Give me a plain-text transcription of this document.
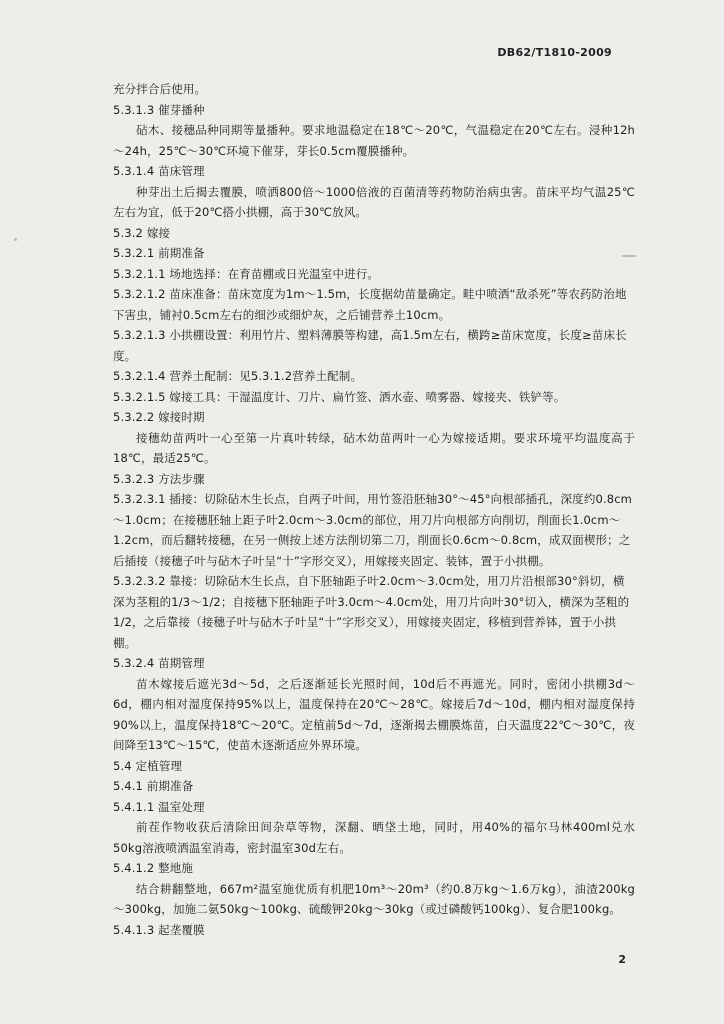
DB62/T1810-2009
充分拌合后使用。
5.3.1.3 催芽播种
砧木、接穗品种同期等量播种。要求地温稳定在18℃～20℃，气温稳定在20℃左右。浸种12h～24h，25℃～30℃环境下催芽，芽长0.5cm覆膜播种。
5.3.1.4 苗床管理
种芽出土后揭去覆膜，喷洒800倍～1000倍液的百菌清等药物防治病虫害。苗床平均气温25℃左右为宜，低于20℃搭小拱棚，高于30℃放风。
5.3.2 嫁接
5.3.2.1 前期准备
5.3.2.1.1 场地选择：在育苗棚或日光温室中进行。
5.3.2.1.2 苗床准备：苗床宽度为1m～1.5m，长度据幼苗量确定。畦中喷洒“敌杀死”等农药防治地下害虫，铺衬0.5cm左右的细沙或细炉灰，之后铺营养土10cm。
5.3.2.1.3 小拱棚设置：利用竹片、塑料薄膜等构建，高1.5m左右，横跨≥苗床宽度，长度≥苗床长度。
5.3.2.1.4 营养土配制：见5.3.1.2营养土配制。
5.3.2.1.5 嫁接工具：干湿温度计、刀片、扁竹签、洒水壶、喷雾器、嫁接夹、铁铲等。
5.3.2.2 嫁接时期
接穗幼苗两叶一心至第一片真叶转绿，砧木幼苗两叶一心为嫁接适期。要求环境平均温度高于18℃，最适25℃。
5.3.2.3 方法步骤
5.3.2.3.1 插接：切除砧木生长点，自两子叶间，用竹签沿胚轴30°～45°向根部插孔，深度约0.8cm～1.0cm；在接穗胚轴上距子叶2.0cm～3.0cm的部位，用刀片向根部方向削切，削面长1.0cm～1.2cm，而后翻转接穗，在另一侧按上述方法削切第二刀，削面长0.6cm～0.8cm，成双面楔形；之后插接（接穗子叶与砧木子叶呈“十”字形交叉），用嫁接夹固定、装钵，置于小拱棚。
5.3.2.3.2 靠接：切除砧木生长点，自下胚轴距子叶2.0cm～3.0cm处，用刀片沿根部30°斜切，横深为茎粗的1/3～1/2；自接穗下胚轴距子叶3.0cm～4.0cm处，用刀片向叶30°切入，横深为茎粗的1/2，之后靠接（接穗子叶与砧木子叶呈“十”字形交叉），用嫁接夹固定，移植到营养钵，置于小拱棚。
5.3.2.4 苗期管理
苗木嫁接后遮光3d～5d，之后逐渐延长光照时间，10d后不再遮光。同时，密闭小拱棚3d～6d，棚内相对湿度保持95%以上，温度保持在20℃～28℃。嫁接后7d～10d，棚内相对湿度保持90%以上，温度保持18℃～20℃。定植前5d～7d，逐渐揭去棚膜炼苗，白天温度22℃～30℃，夜间降至13℃～15℃，使苗木逐渐适应外界环境。
5.4 定植管理
5.4.1 前期准备
5.4.1.1 温室处理
前茬作物收获后清除田间杂草等物，深翻、晒垡土地，同时，用40%的福尔马林400ml兑水50kg溶液喷洒温室消毒，密封温室30d左右。
5.4.1.2 整地施
结合耕翻整地，667m²温室施优质有机肥10m³～20m³（约0.8万kg～1.6万kg），油渣200kg～300kg，加施二氨50kg～100kg、硫酸钾20kg～30kg（或过磷酸钙100kg）、复合肥100kg。
5.4.1.3 起垄覆膜
2
